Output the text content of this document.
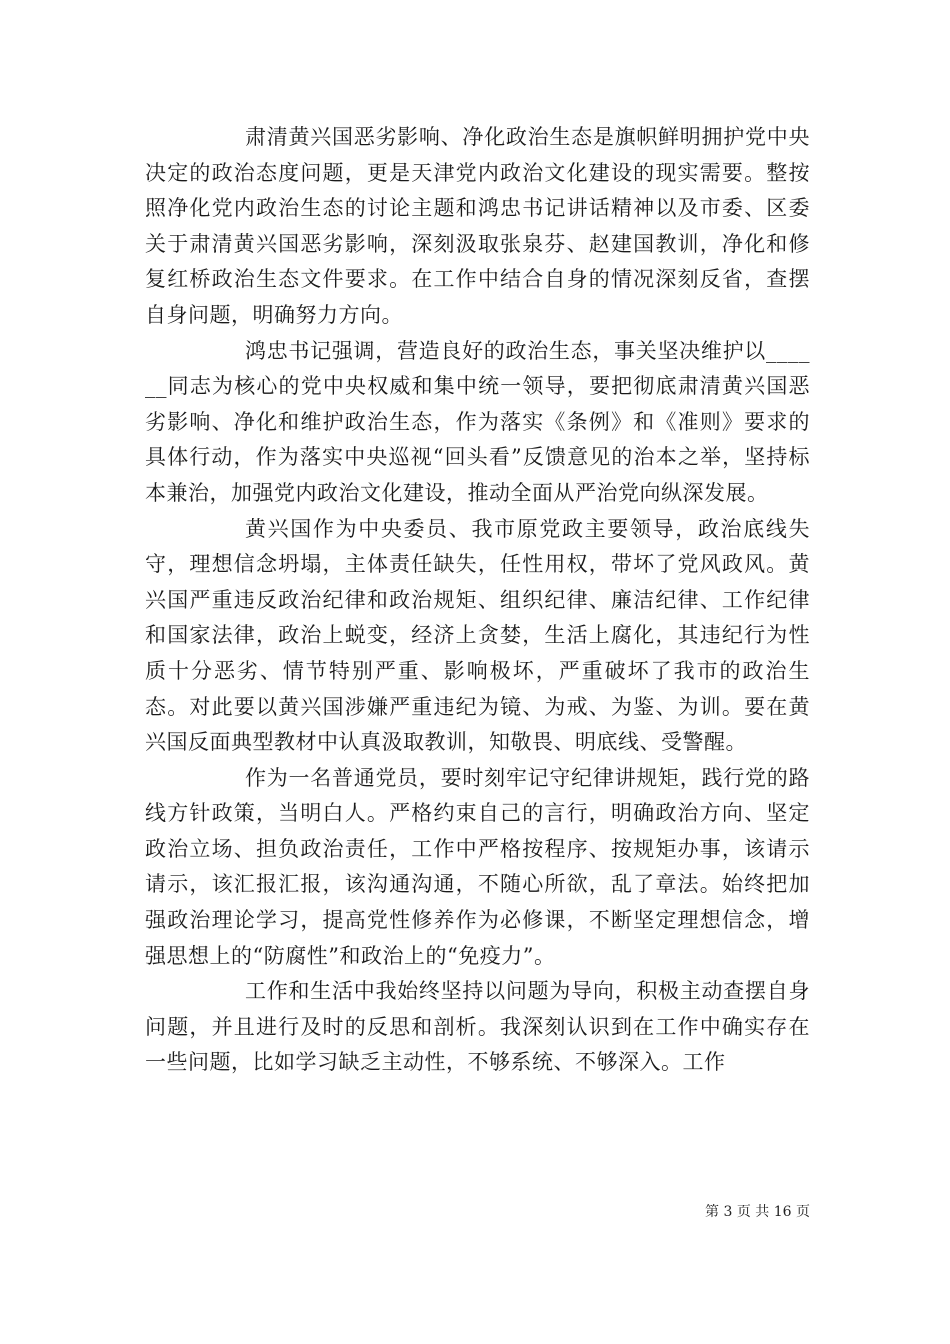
肃清黄兴国恶劣影响、净化政治生态是旗帜鲜明拥护党中央决定的政治态度问题，更是天津党内政治文化建设的现实需要。整按照净化党内政治生态的讨论主题和鸿忠书记讲话精神以及市委、区委关于肃清黄兴国恶劣影响，深刻汲取张泉芬、赵建国教训，净化和修复红桥政治生态文件要求。在工作中结合自身的情况深刻反省，查摆自身问题，明确努力方向。

鸿忠书记强调，营造良好的政治生态，事关坚决维护以______同志为核心的党中央权威和集中统一领导，要把彻底肃清黄兴国恶劣影响、净化和维护政治生态，作为落实《条例》和《准则》要求的具体行动，作为落实中央巡视“回头看”反馈意见的治本之举，坚持标本兼治，加强党内政治文化建设，推动全面从严治党向纵深发展。

黄兴国作为中央委员、我市原党政主要领导，政治底线失守，理想信念坍塌，主体责任缺失，任性用权，带坏了党风政风。黄兴国严重违反政治纪律和政治规矩、组织纪律、廉洁纪律、工作纪律和国家法律，政治上蜕变，经济上贪婪，生活上腐化，其违纪行为性质十分恶劣、情节特别严重、影响极坏，严重破坏了我市的政治生态。对此要以黄兴国涉嫌严重违纪为镜、为戒、为鉴、为训。要在黄兴国反面典型教材中认真汲取教训，知敬畏、明底线、受警醒。

作为一名普通党员，要时刻牢记守纪律讲规矩，践行党的路线方针政策，当明白人。严格约束自己的言行，明确政治方向、坚定政治立场、担负政治责任，工作中严格按程序、按规矩办事，该请示请示，该汇报汇报，该沟通沟通，不随心所欲，乱了章法。始终把加强政治理论学习，提高党性修养作为必修课，不断坚定理想信念，增强思想上的“防腐性”和政治上的“免疫力”。

工作和生活中我始终坚持以问题为导向，积极主动查摆自身问题，并且进行及时的反思和剖析。我深刻认识到在工作中确实存在一些问题，比如学习缺乏主动性，不够系统、不够深入。工作

第 3 页 共 16 页
